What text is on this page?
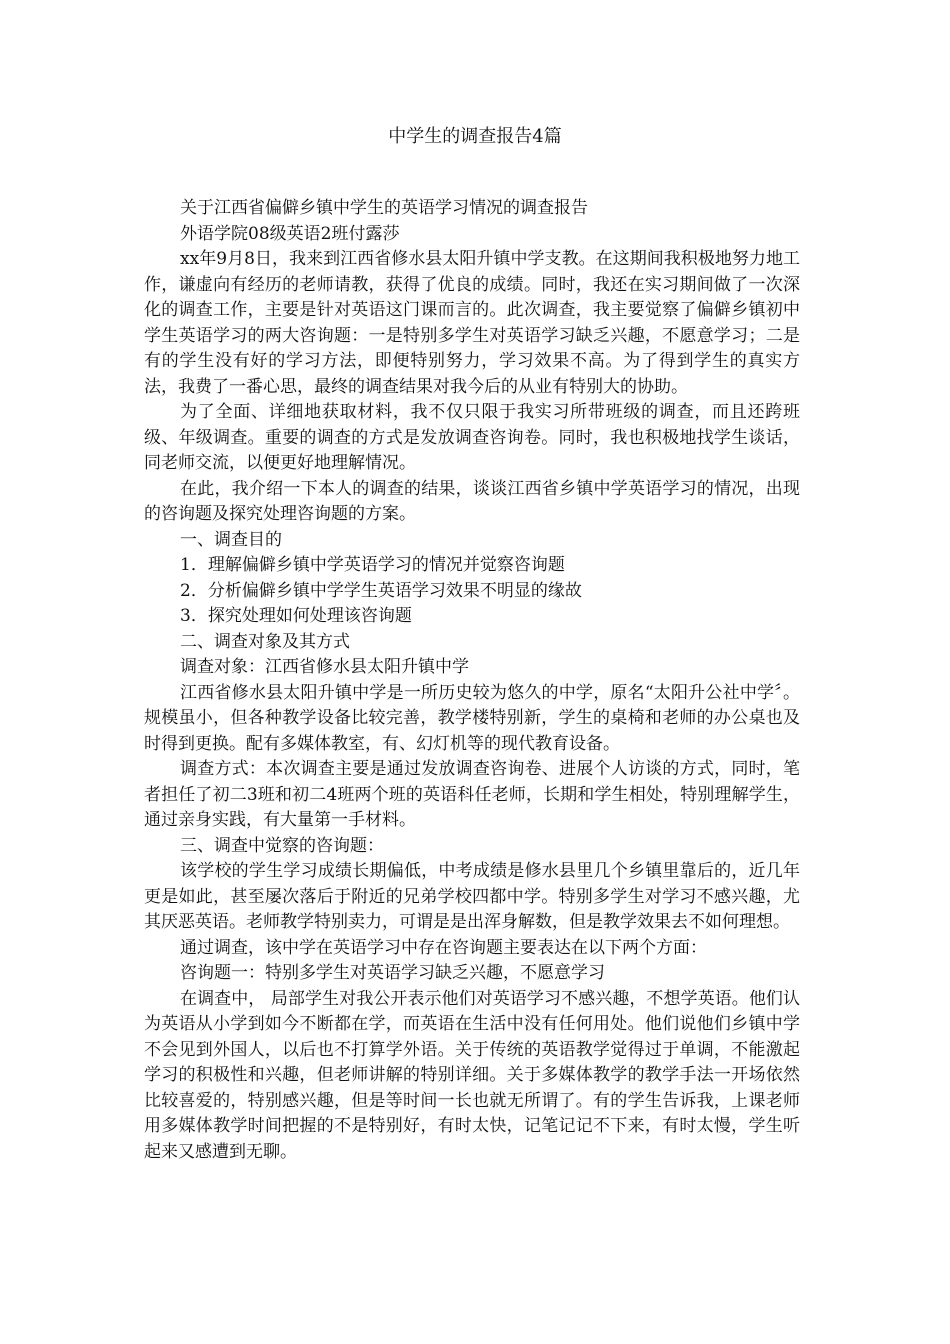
中学生的调查报告4篇

关于江西省偏僻乡镇中学生的英语学习情况的调查报告

外语学院08级英语2班付露莎

xx年9月8日，我来到江西省修水县太阳升镇中学支教。在这期间我积极地努力地工作，谦虚向有经历的老师请教，获得了优良的成绩。同时，我还在实习期间做了一次深化的调查工作，主要是针对英语这门课而言的。此次调查，我主要觉察了偏僻乡镇初中学生英语学习的两大咨询题：一是特别多学生对英语学习缺乏兴趣，不愿意学习；二是有的学生没有好的学习方法，即便特别努力，学习效果不高。为了得到学生的真实方法，我费了一番心思，最终的调查结果对我今后的从业有特别大的协助。

为了全面、详细地获取材料，我不仅只限于我实习所带班级的调查，而且还跨班级、年级调查。重要的调查的方式是发放调查咨询卷。同时，我也积极地找学生谈话，同老师交流，以便更好地理解情况。

在此，我介绍一下本人的调查的结果，谈谈江西省乡镇中学英语学习的情况，出现的咨询题及探究处理咨询题的方案。

一、调查目的

1．理解偏僻乡镇中学英语学习的情况并觉察咨询题

2．分析偏僻乡镇中学学生英语学习效果不明显的缘故

3．探究处理如何处理该咨询题

二、调查对象及其方式

调查对象：江西省修水县太阳升镇中学

江西省修水县太阳升镇中学是一所历史较为悠久的中学，原名“太阳升公社中学〞。规模虽小，但各种教学设备比较完善，教学楼特别新，学生的桌椅和老师的办公桌也及时得到更换。配有多媒体教室，有、幻灯机等的现代教育设备。

调查方式：本次调查主要是通过发放调查咨询卷、进展个人访谈的方式，同时，笔者担任了初二3班和初二4班两个班的英语科任老师，长期和学生相处，特别理解学生，通过亲身实践，有大量第一手材料。

三、调查中觉察的咨询题：

该学校的学生学习成绩长期偏低，中考成绩是修水县里几个乡镇里靠后的，近几年更是如此，甚至屡次落后于附近的兄弟学校四都中学。特别多学生对学习不感兴趣，尤其厌恶英语。老师教学特别卖力，可谓是是出浑身解数，但是教学效果去不如何理想。

通过调查，该中学在英语学习中存在咨询题主要表达在以下两个方面：

咨询题一：特别多学生对英语学习缺乏兴趣，不愿意学习

在调查中， 局部学生对我公开表示他们对英语学习不感兴趣，不想学英语。他们认为英语从小学到如今不断都在学，而英语在生活中没有任何用处。他们说他们乡镇中学不会见到外国人，以后也不打算学外语。关于传统的英语教学觉得过于单调，不能激起学习的积极性和兴趣，但老师讲解的特别详细。关于多媒体教学的教学手法一开场依然比较喜爱的，特别感兴趣，但是等时间一长也就无所谓了。有的学生告诉我，上课老师用多媒体教学时间把握的不是特别好，有时太快，记笔记记不下来，有时太慢，学生听起来又感遭到无聊。
